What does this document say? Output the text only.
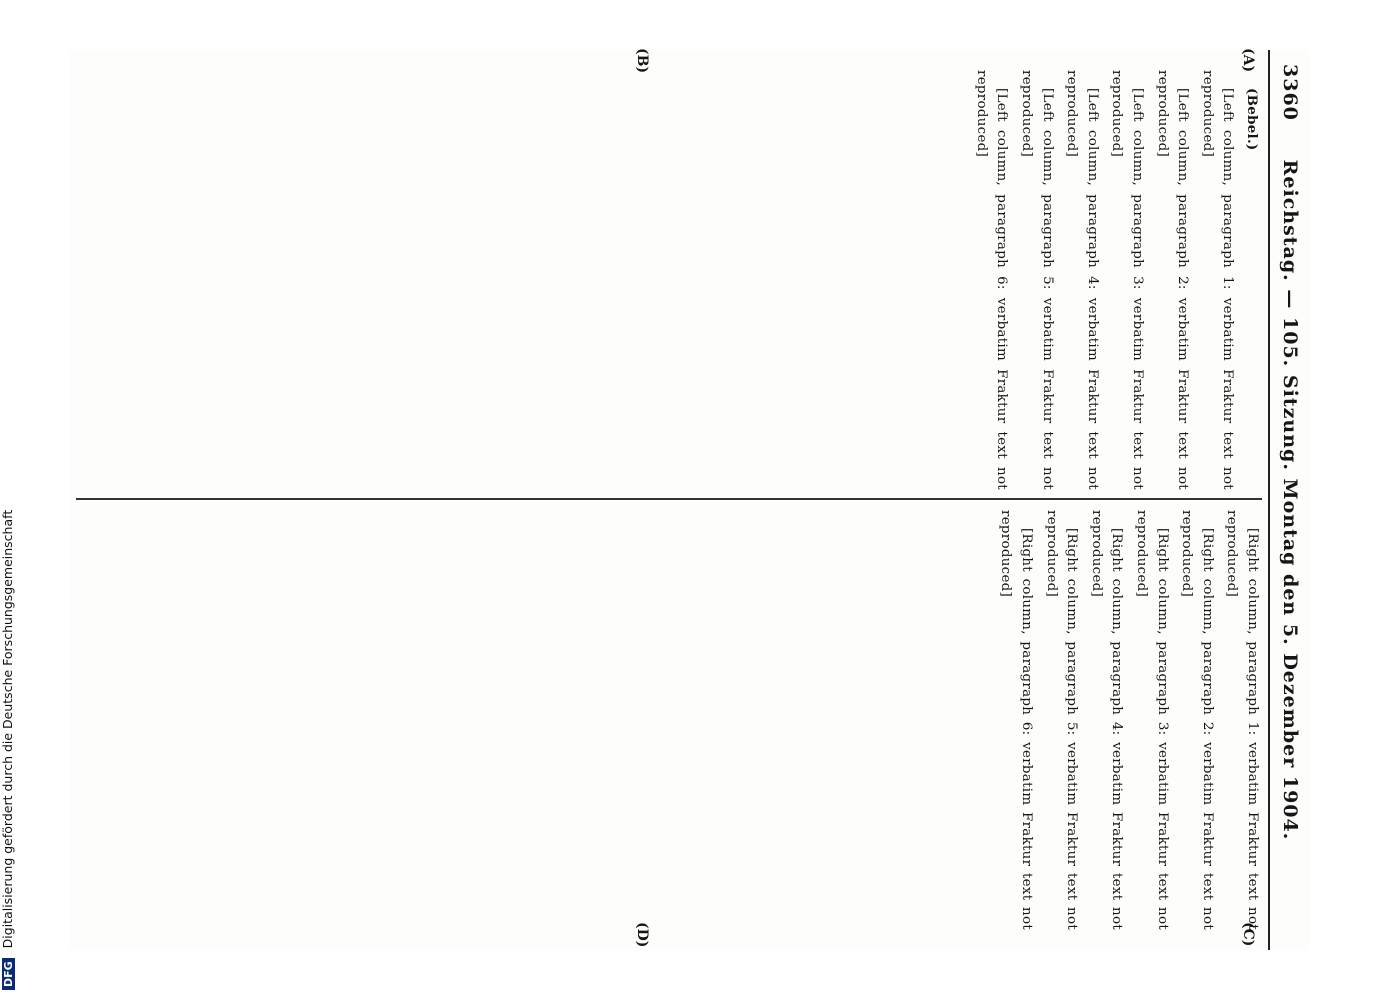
3360
Reichstag. — 105. Sitzung. Montag den 5. Dezember 1904.

(Bebel.)

[Left column, paragraph 1: verbatim Fraktur text not reproduced]

[Left column, paragraph 2: verbatim Fraktur text not reproduced]

[Left column, paragraph 3: verbatim Fraktur text not reproduced]

[Left column, paragraph 4: verbatim Fraktur text not reproduced]

[Left column, paragraph 5: verbatim Fraktur text not reproduced]

[Left column, paragraph 6: verbatim Fraktur text not reproduced]

[Right column, paragraph 1: verbatim Fraktur text not reproduced]

[Right column, paragraph 2: verbatim Fraktur text not reproduced]

[Right column, paragraph 3: verbatim Fraktur text not reproduced]

[Right column, paragraph 4: verbatim Fraktur text not reproduced]

[Right column, paragraph 5: verbatim Fraktur text not reproduced]

[Right column, paragraph 6: verbatim Fraktur text not reproduced]

(A)
(B)
(C)
(D)
DFG Digitalisierung gefördert durch die Deutsche Forschungsgemeinschaft
